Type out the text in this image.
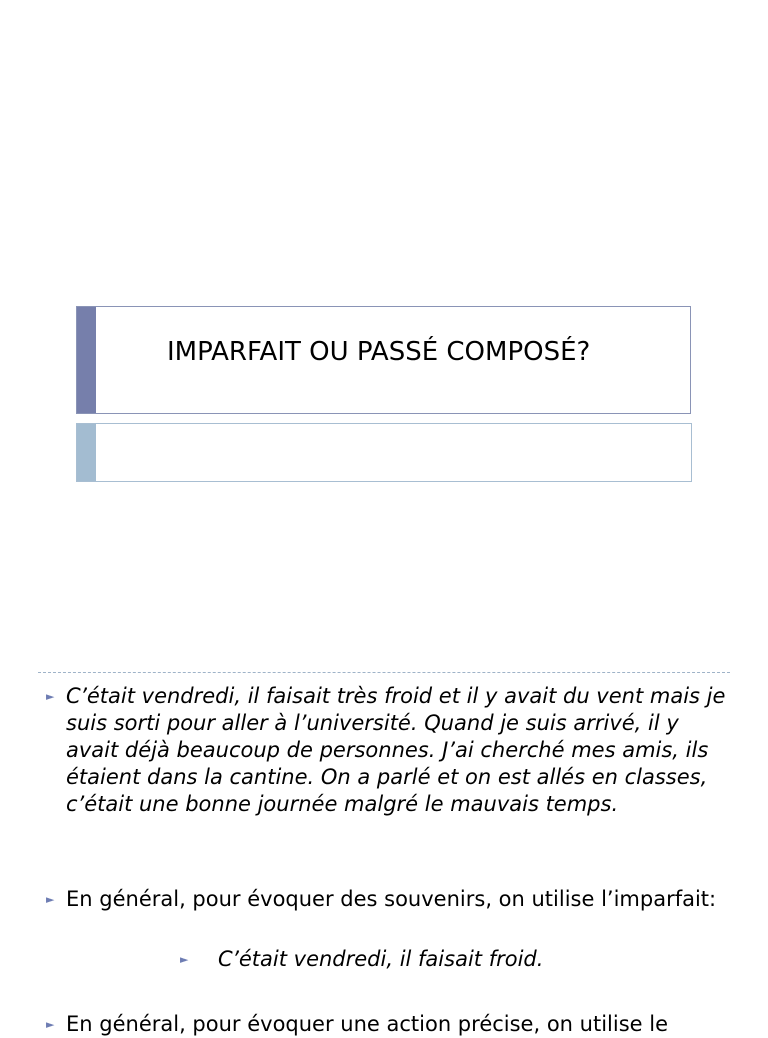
IMPARFAIT OU PASSÉ COMPOSÉ?
► C’était vendredi, il faisait très froid et il y avait du vent mais je suis sorti pour aller à l’université. Quand je suis arrivé, il y avait déjà beaucoup de personnes. J’ai cherché mes amis, ils étaient dans la cantine. On a parlé et on est allés en classes, c’était une bonne journée malgré le mauvais temps.
► En général, pour évoquer des souvenirs, on utilise l’imparfait:
► C’était vendredi, il faisait froid.
► En général, pour évoquer une action précise, on utilise le
